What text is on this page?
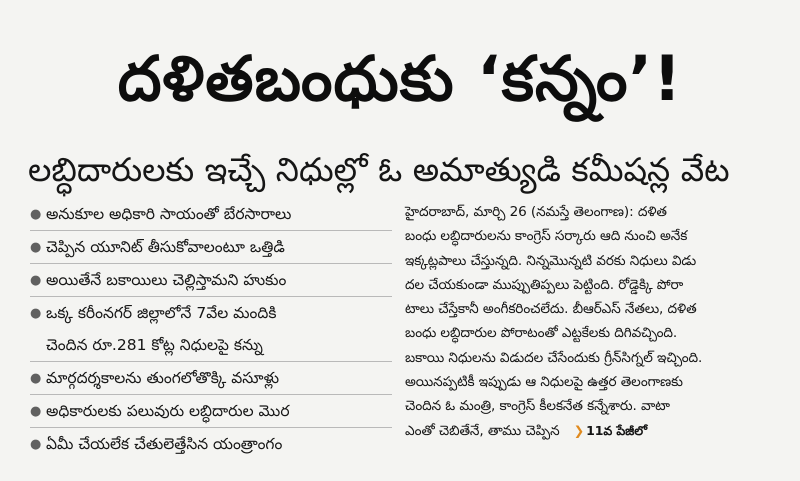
దళితబంధుకు ‘కన్నం’!
లబ్ధిదారులకు ఇచ్చే నిధుల్లో ఓ అమాత్యుడి కమీషన్ల వేట
● అనుకూల అధికారి సాయంతో బేరసారాలు
● చెప్పిన యూనిట్ తీసుకోవాలంటూ ఒత్తిడి
● అయితేనే బకాయిలు చెల్లిస్తామని హుకుం
● ఒక్క కరీంనగర్ జిల్లాలోనే 7వేల మందికి
చెందిన రూ.281 కోట్ల నిధులపై కన్ను
● మార్గదర్శకాలను తుంగలోతొక్కి వసూళ్లు
● అధికారులకు పలువురు లబ్ధిదారుల మొర
● ఏమీ చేయలేక చేతులెత్తేసిన యంత్రాంగం
హైదరాబాద్, మార్చి 26 (నమస్తే తెలంగాణ): దళిత
బంధు లబ్ధిదారులను కాంగ్రెస్ సర్కారు ఆది నుంచి అనేక
ఇక్కట్లపాలు చేస్తున్నది. నిన్నమొన్నటి వరకు నిధులు విడు
దల చేయకుండా ముప్పుతిప్పలు పెట్టింది. రోడ్డెక్కి పోరా
టాలు చేస్తేకానీ అంగీకరించలేదు. బీఆర్‌ఎస్ నేతలు, దళిత
బంధు లబ్ధిదారుల పోరాటంతో ఎట్టకేలకు దిగివచ్చింది.
బకాయి నిధులను విడుదల చేసేందుకు గ్రీన్‌సిగ్నల్ ఇచ్చింది.
అయినప్పటికీ ఇప్పుడు ఆ నిధులపై ఉత్తర తెలంగాణకు
చెందిన ఓ మంత్రి, కాంగ్రెస్ కీలకనేత కన్నేశారు. వాటా
ఎంతో చెబితేనే, తాము చెప్పిన ❯ 11వ పేజీలో
